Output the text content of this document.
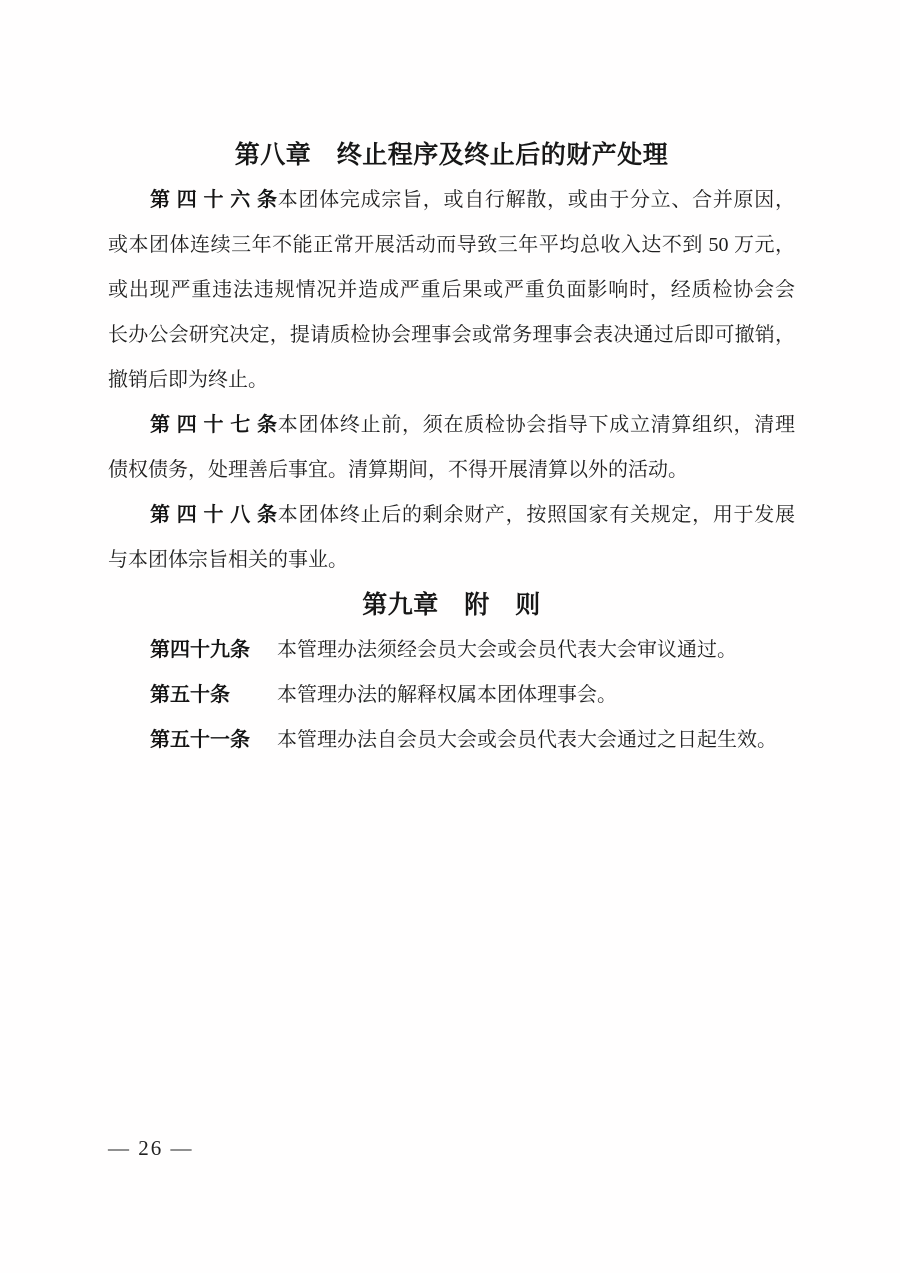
第八章　终止程序及终止后的财产处理
第四十六条本团体完成宗旨，或自行解散，或由于分立、合并原因，
或本团体连续三年不能正常开展活动而导致三年平均总收入达不到 50 万元，
或出现严重违法违规情况并造成严重后果或严重负面影响时，经质检协会会
长办公会研究决定，提请质检协会理事会或常务理事会表决通过后即可撤销，
撤销后即为终止。
第四十七条本团体终止前，须在质检协会指导下成立清算组织，清理
债权债务，处理善后事宜。清算期间，不得开展清算以外的活动。
第四十八条本团体终止后的剩余财产，按照国家有关规定，用于发展
与本团体宗旨相关的事业。
第九章　附　则
第四十九条 本管理办法须经会员大会或会员代表大会审议通过。
第五十条 本管理办法的解释权属本团体理事会。
第五十一条 本管理办法自会员大会或会员代表大会通过之日起生效。
— 26 —
